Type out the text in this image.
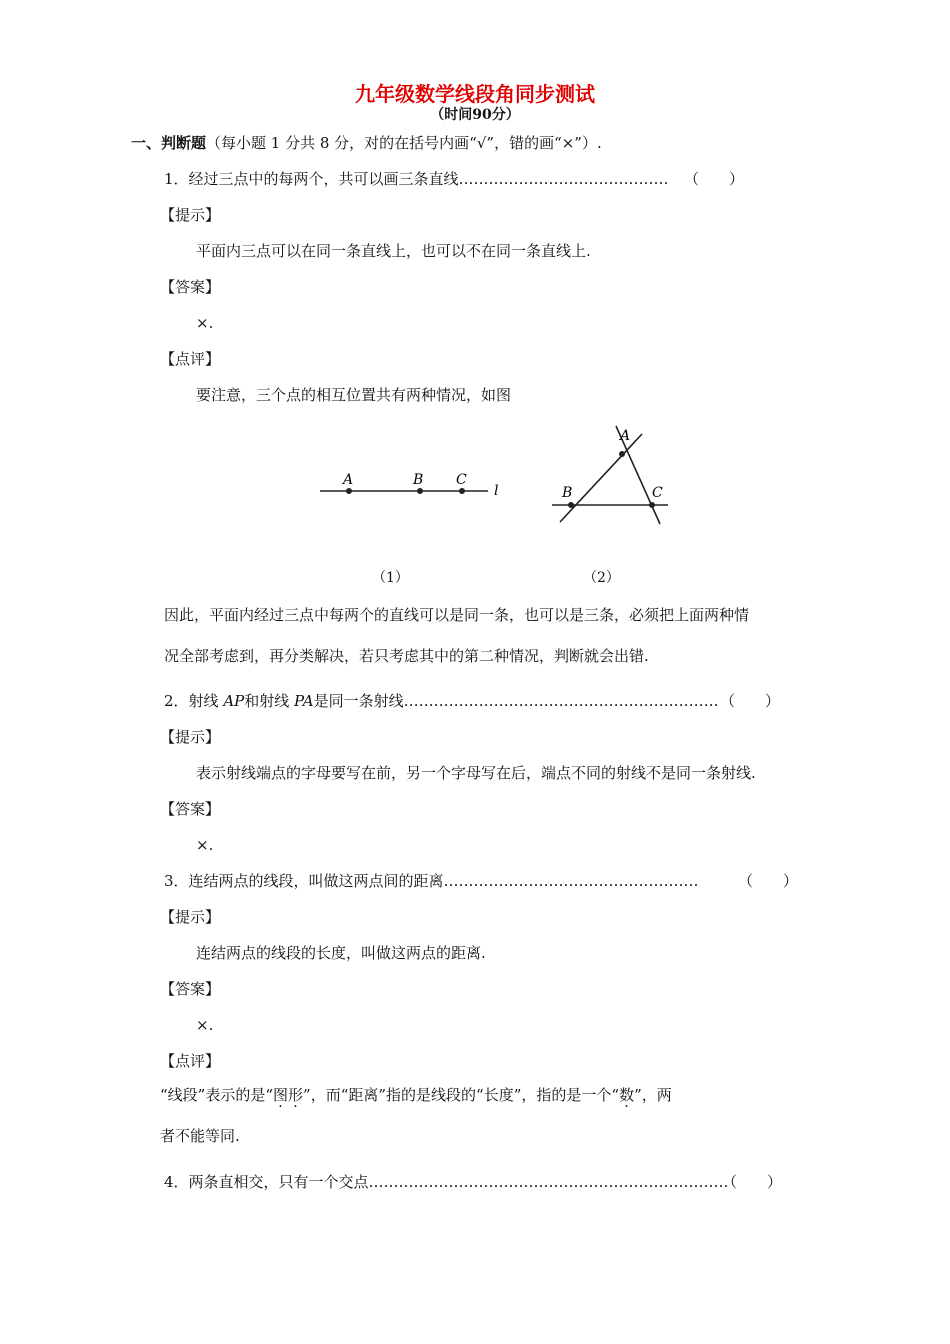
九年级数学线段角同步测试
（时间90分）
一、判断题（每小题 1 分共 8 分，对的在括号内画“√”，错的画“×”）.
1．经过三点中的每两个，共可以画三条直线…………………………………… （　　）
【提示】
平面内三点可以在同一条直线上，也可以不在同一条直线上.
【答案】
×.
【点评】
要注意，三个点的相互位置共有两种情况，如图
A	B C
l
（1）
A
B	C
（2）
因此，平面内经过三点中每两个的直线可以是同一条，也可以是三条，必须把上面两种情
况全部考虑到，再分类解决，若只考虑其中的第二种情况，判断就会出错.
2．射线 AP和射线 PA是同一条射线……………………………………………………… （　　）
【提示】
表示射线端点的字母要写在前，另一个字母写在后，端点不同的射线不是同一条射线.
【答案】
×.
3．连结两点的线段，叫做这两点间的距离……………………………………………	（　　）
【提示】
连结两点的线段的长度，叫做这两点的距离.
【答案】
×.
【点评】
“线段”表示的是“图形”，而“距离”指的是线段的“长度”，指的是一个“数”，两
者不能等同.
4．两条直相交，只有一个交点………………………………………………………………
（　　）
